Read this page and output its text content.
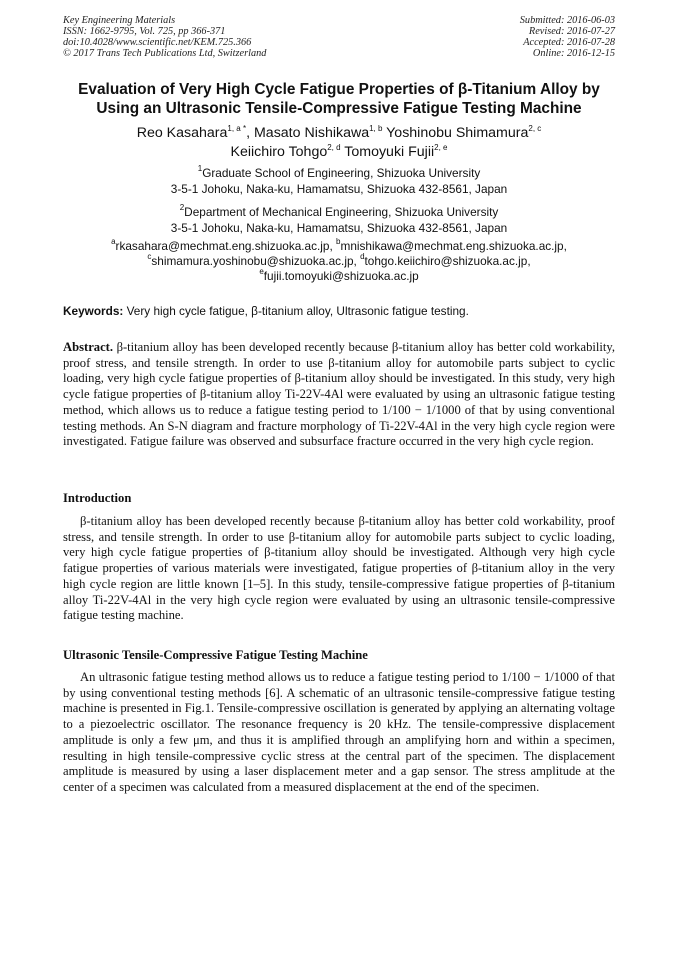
Key Engineering Materials
ISSN: 1662-9795, Vol. 725, pp 366-371
doi:10.4028/www.scientific.net/KEM.725.366
© 2017 Trans Tech Publications Ltd, Switzerland
Submitted: 2016-06-03
Revised: 2016-07-27
Accepted: 2016-07-28
Online: 2016-12-15
Evaluation of Very High Cycle Fatigue Properties of β-Titanium Alloy by
Using an Ultrasonic Tensile-Compressive Fatigue Testing Machine
Reo Kasahara$^{1, a *}$, Masato Nishikawa$^{1, b}$ Yoshinobu Shimamura$^{2, c}$
Keiichiro Tohgo$^{2, d}$ Tomoyuki Fujii$^{2, e}$
$^1$Graduate School of Engineering, Shizuoka University
3-5-1 Johoku, Naka-ku, Hamamatsu, Shizuoka 432-8561, Japan
$^2$Department of Mechanical Engineering, Shizuoka University
3-5-1 Johoku, Naka-ku, Hamamatsu, Shizuoka 432-8561, Japan
$^a$rkasahara@mechmat.eng.shizuoka.ac.jp, $^b$mnishikawa@mechmat.eng.shizuoka.ac.jp,
$^c$shimamura.yoshinobu@shizuoka.ac.jp, $^d$tohgo.keiichiro@shizuoka.ac.jp,
$^e$fujii.tomoyuki@shizuoka.ac.jp
Keywords: Very high cycle fatigue, β-titanium alloy, Ultrasonic fatigue testing.
Abstract. β-titanium alloy has been developed recently because β-titanium alloy has better cold workability, proof stress, and tensile strength. In order to use β-titanium alloy for automobile parts subject to cyclic loading, very high cycle fatigue properties of β-titanium alloy should be investigated. In this study, very high cycle fatigue properties of β-titanium alloy Ti-22V-4Al were evaluated by using an ultrasonic fatigue testing method, which allows us to reduce a fatigue testing period to 1/100 − 1/1000 of that by using conventional testing methods. An S-N diagram and fracture morphology of Ti-22V-4Al in the very high cycle region were investigated. Fatigue failure was observed and subsurface fracture occurred in the very high cycle region.
Introduction
β-titanium alloy has been developed recently because β-titanium alloy has better cold workability, proof stress, and tensile strength. In order to use β-titanium alloy for automobile parts subject to cyclic loading, very high cycle fatigue properties of β-titanium alloy should be investigated. Although very high cycle fatigue properties of various materials were investigated, fatigue properties of β-titanium alloy in the very high cycle region are little known [1–5]. In this study, tensile-compressive fatigue properties of β-titanium alloy Ti-22V-4Al in the very high cycle region were evaluated by using an ultrasonic tensile-compressive fatigue testing machine.
Ultrasonic Tensile-Compressive Fatigue Testing Machine
An ultrasonic fatigue testing method allows us to reduce a fatigue testing period to 1/100 − 1/1000 of that by using conventional testing methods [6]. A schematic of an ultrasonic tensile-compressive fatigue testing machine is presented in Fig.1. Tensile-compressive oscillation is generated by applying an alternating voltage to a piezoelectric oscillator. The resonance frequency is 20 kHz. The tensile-compressive displacement amplitude is only a few μm, and thus it is amplified through an amplifying horn and within a specimen, resulting in high tensile-compressive cyclic stress at the central part of the specimen. The displacement amplitude is measured by using a laser displacement meter and a gap sensor. The stress amplitude at the center of a specimen was calculated from a measured displacement at the end of the specimen.
